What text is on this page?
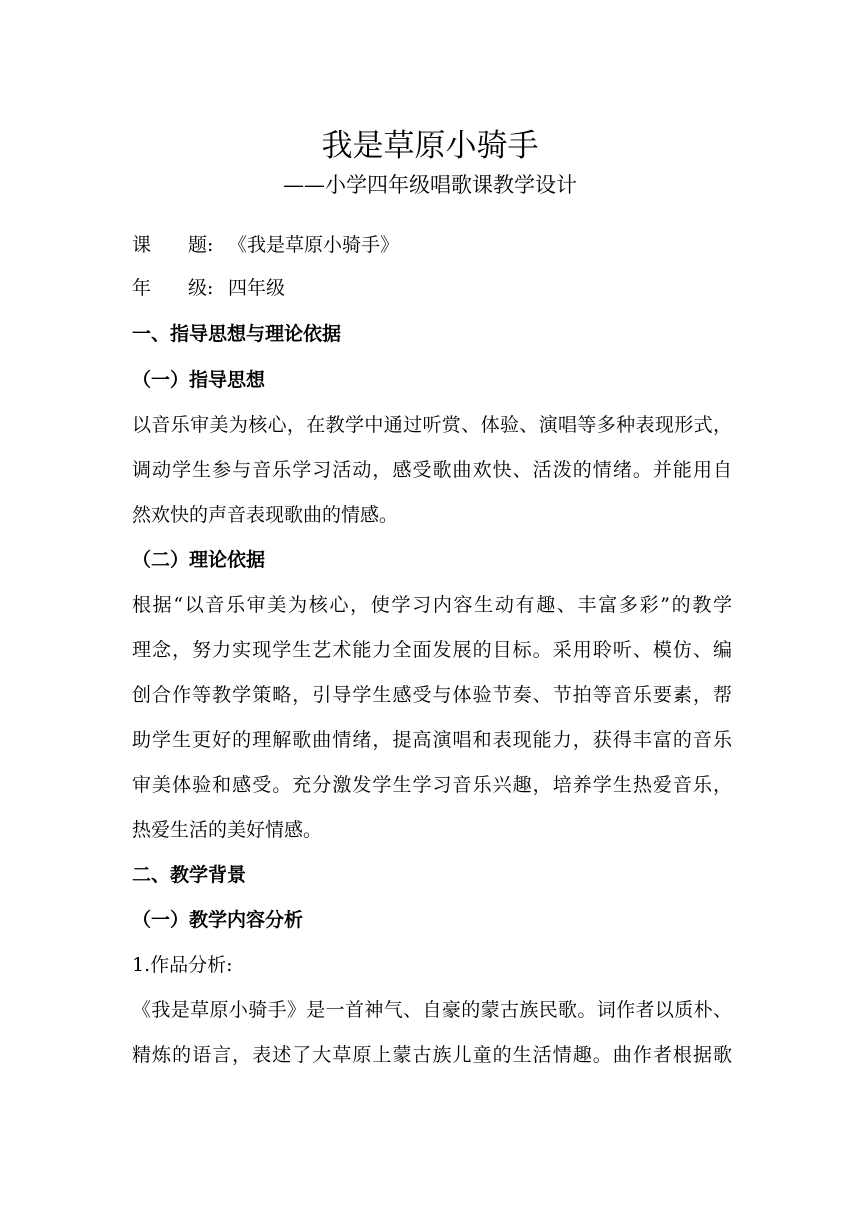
我是草原小骑手
——小学四年级唱歌课教学设计
课 题: 《我是草原小骑手》
年 级: 四年级
一、指导思想与理论依据
（一）指导思想
以音乐审美为核心，在教学中通过听赏、体验、演唱等多种表现形式，
调动学生参与音乐学习活动，感受歌曲欢快、活泼的情绪。并能用自
然欢快的声音表现歌曲的情感。
（二）理论依据
根据“以音乐审美为核心，使学习内容生动有趣、丰富多彩”的教学
理念，努力实现学生艺术能力全面发展的目标。采用聆听、模仿、编
创合作等教学策略，引导学生感受与体验节奏、节拍等音乐要素，帮
助学生更好的理解歌曲情绪，提高演唱和表现能力，获得丰富的音乐
审美体验和感受。充分激发学生学习音乐兴趣，培养学生热爱音乐，
热爱生活的美好情感。
二、教学背景
（一）教学内容分析
1.作品分析:
《我是草原小骑手》是一首神气、自豪的蒙古族民歌。词作者以质朴、
精炼的语言，表述了大草原上蒙古族儿童的生活情趣。曲作者根据歌
